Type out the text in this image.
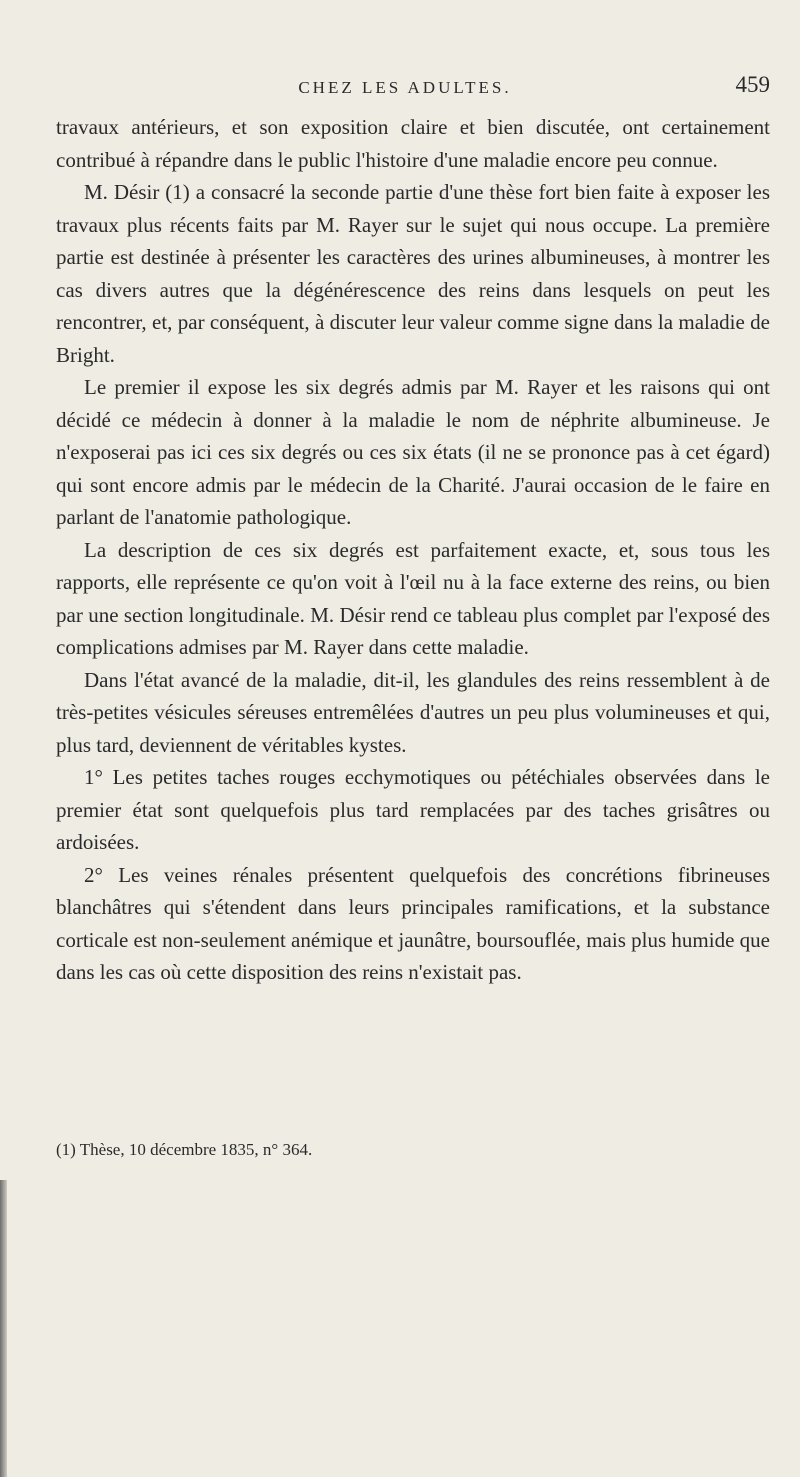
CHEZ LES ADULTES.	459

travaux antérieurs, et son exposition claire et bien discutée, ont certainement contribué à répandre dans le public l'histoire d'une maladie encore peu connue.

M. Désir (1) a consacré la seconde partie d'une thèse fort bien faite à exposer les travaux plus récents faits par M. Rayer sur le sujet qui nous occupe. La première partie est destinée à présenter les caractères des urines albumineuses, à montrer les cas divers autres que la dégénérescence des reins dans lesquels on peut les rencontrer, et, par conséquent, à discuter leur valeur comme signe dans la maladie de Bright.

Le premier il expose les six degrés admis par M. Rayer et les raisons qui ont décidé ce médecin à donner à la maladie le nom de néphrite albumineuse. Je n'exposerai pas ici ces six degrés ou ces six états (il ne se prononce pas à cet égard) qui sont encore admis par le médecin de la Charité. J'aurai occasion de le faire en parlant de l'anatomie pathologique.

La description de ces six degrés est parfaitement exacte, et, sous tous les rapports, elle représente ce qu'on voit à l'œil nu à la face externe des reins, ou bien par une section longitudinale. M. Désir rend ce tableau plus complet par l'exposé des complications admises par M. Rayer dans cette maladie.

Dans l'état avancé de la maladie, dit-il, les glandules des reins ressemblent à de très-petites vésicules séreuses entremêlées d'autres un peu plus volumineuses et qui, plus tard, deviennent de véritables kystes.

1° Les petites taches rouges ecchymotiques ou pétéchiales observées dans le premier état sont quelquefois plus tard remplacées par des taches grisâtres ou ardoisées.

2° Les veines rénales présentent quelquefois des concrétions fibrineuses blanchâtres qui s'étendent dans leurs principales ramifications, et la substance corticale est non-seulement anémique et jaunâtre, boursouflée, mais plus humide que dans les cas où cette disposition des reins n'existait pas.

(1) Thèse, 10 décembre 1835, n° 364.
